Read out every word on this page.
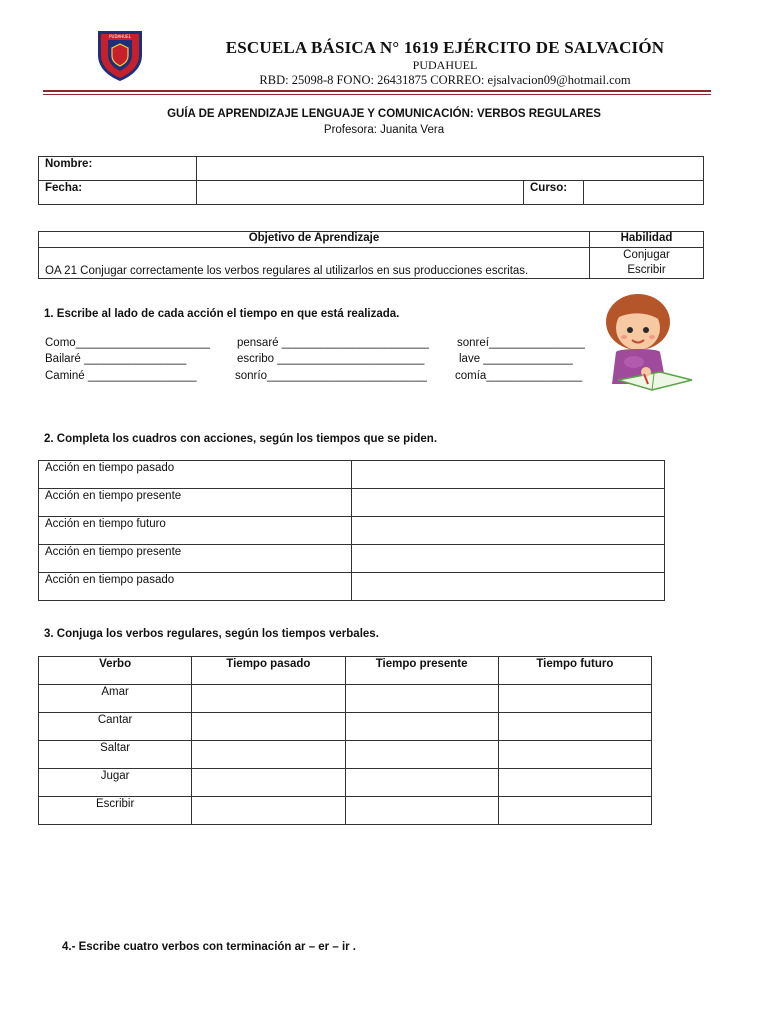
PUDAHUEL
ESCUELA BÁSICA N° 1619 EJÉRCITO DE SALVACIÓN
PUDAHUEL
RBD: 25098-8 FONO: 26431875 CORREO: ejsalvacion09@hotmail.com
GUÍA DE APRENDIZAJE LENGUAJE Y COMUNICACIÓN: VERBOS REGULARES
Profesora: Juanita Vera
Nombre:			
Fecha:		Curso:	
Objetivo de Aprendizaje	Habilidad
OA 21 Conjugar correctamente los verbos regulares al utilizarlos en sus producciones escritas.	Conjugar
Escribir
1. Escribe al lado de cada acción el tiempo en que está realizada.
Como_____________________ pensaré _______________________ sonreí_______________
Bailaré ________________	escribo _______________________	lave ______________
Caminé _________________	sonrío_________________________ comía_______________
2. Completa los cuadros con acciones, según los tiempos que se piden.
Acción en tiempo pasado	
Acción en tiempo presente	
Acción en tiempo futuro	
Acción en tiempo presente	
Acción en tiempo pasado	
3. Conjuga los verbos regulares, según los tiempos verbales.
Verbo	Tiempo pasado	Tiempo presente	Tiempo futuro
Amar			
Cantar			
Saltar			
Jugar			
Escribir			
4.- Escribe cuatro verbos con terminación ar – er – ir .
